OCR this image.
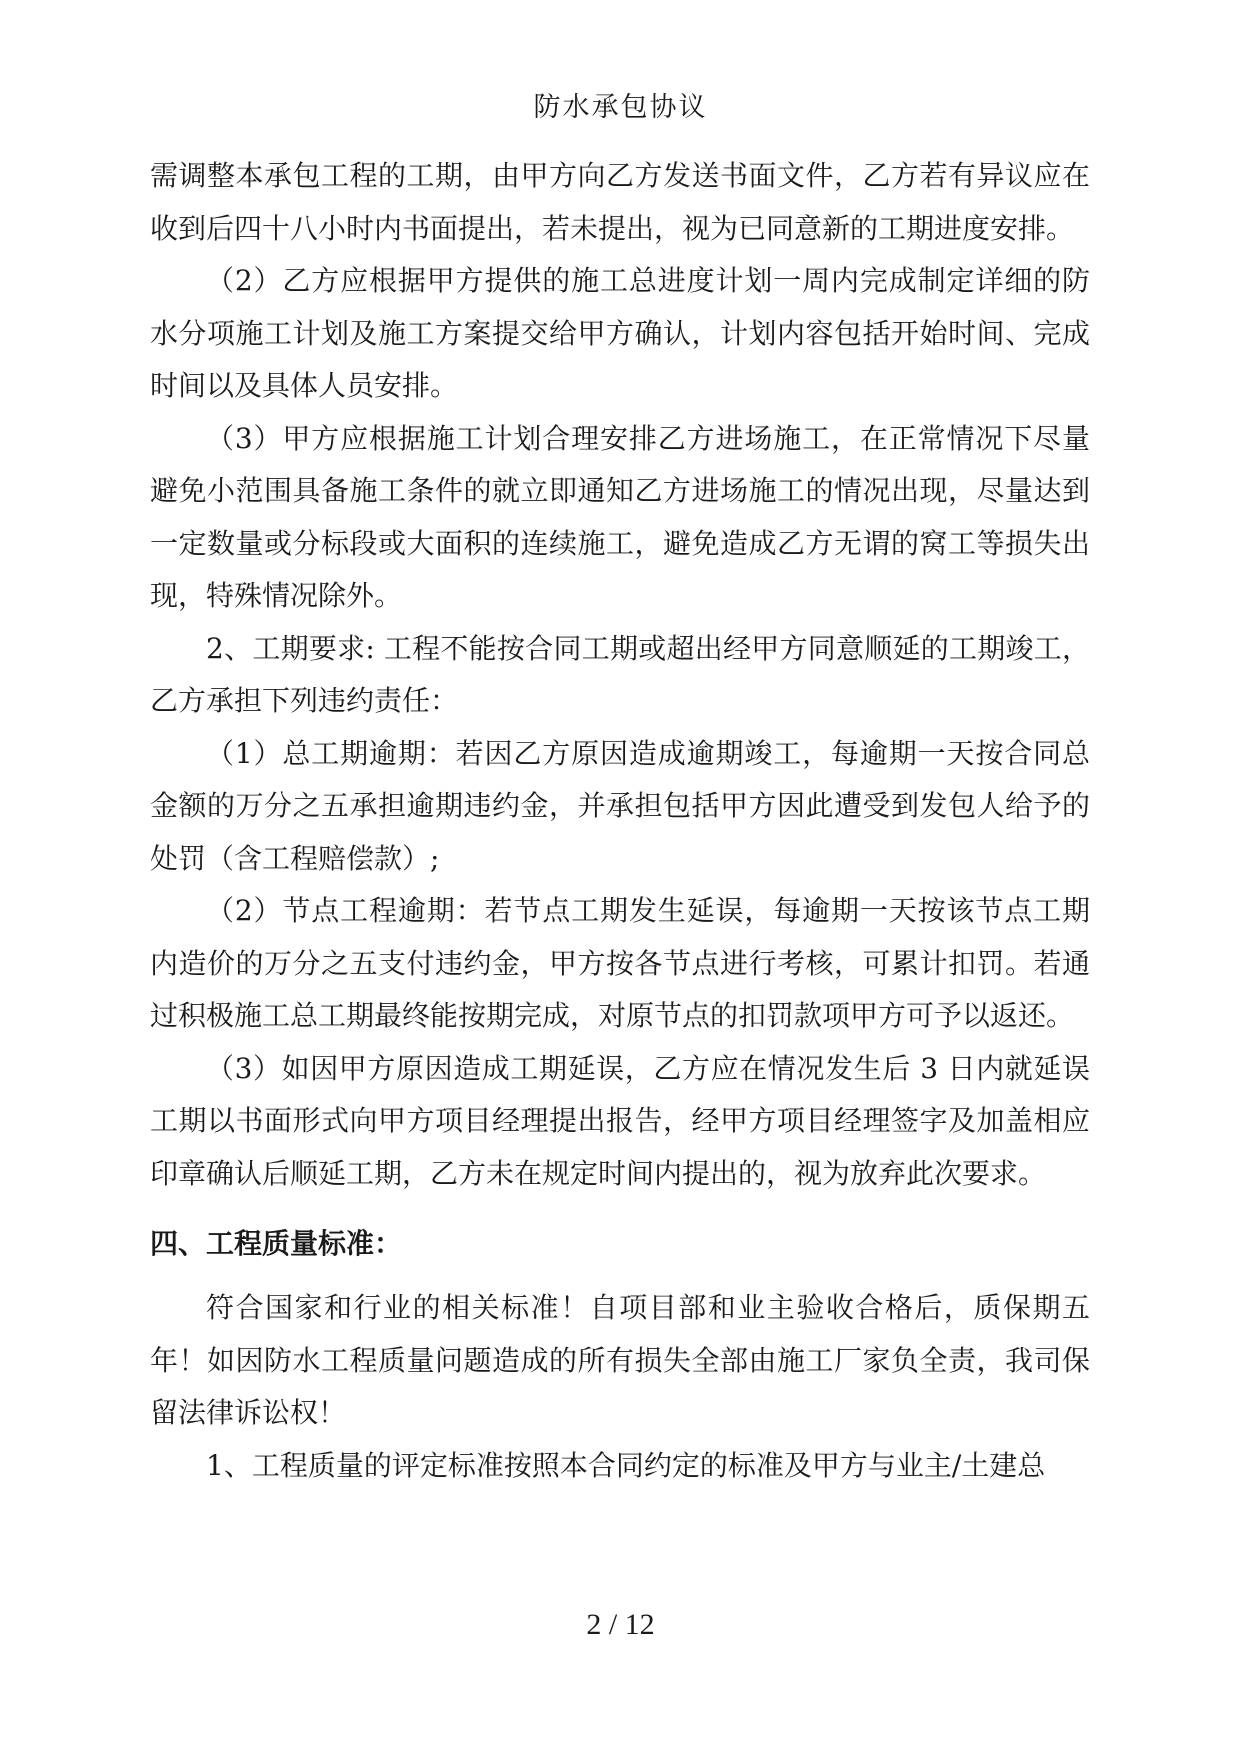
防水承包协议

需调整本承包工程的工期，由甲方向乙方发送书面文件，乙方若有异议应在收到后四十八小时内书面提出，若未提出，视为已同意新的工期进度安排。

（2）乙方应根据甲方提供的施工总进度计划一周内完成制定详细的防水分项施工计划及施工方案提交给甲方确认，计划内容包括开始时间、完成时间以及具体人员安排。

（3）甲方应根据施工计划合理安排乙方进场施工，在正常情况下尽量避免小范围具备施工条件的就立即通知乙方进场施工的情况出现，尽量达到一定数量或分标段或大面积的连续施工，避免造成乙方无谓的窝工等损失出现，特殊情况除外。

2、工期要求: 工程不能按合同工期或超出经甲方同意顺延的工期竣工，乙方承担下列违约责任：

（1）总工期逾期：若因乙方原因造成逾期竣工，每逾期一天按合同总金额的万分之五承担逾期违约金，并承担包括甲方因此遭受到发包人给予的处罚（含工程赔偿款）;

（2）节点工程逾期：若节点工期发生延误，每逾期一天按该节点工期内造价的万分之五支付违约金，甲方按各节点进行考核，可累计扣罚。若通过积极施工总工期最终能按期完成，对原节点的扣罚款项甲方可予以返还。

（3）如因甲方原因造成工期延误，乙方应在情况发生后 3 日内就延误工期以书面形式向甲方项目经理提出报告，经甲方项目经理签字及加盖相应印章确认后顺延工期，乙方未在规定时间内提出的，视为放弃此次要求。

四、工程质量标准：

符合国家和行业的相关标准！自项目部和业主验收合格后，质保期五年！如因防水工程质量问题造成的所有损失全部由施工厂家负全责，我司保留法律诉讼权！

1、工程质量的评定标准按照本合同约定的标准及甲方与业主/土建总

2 / 12
